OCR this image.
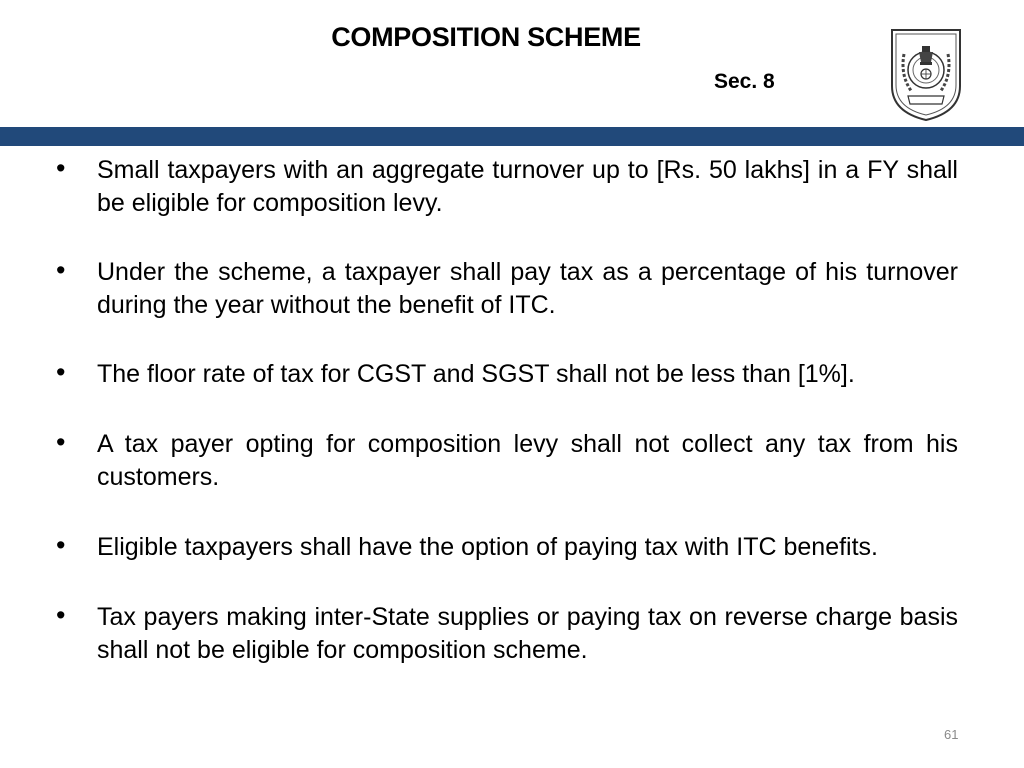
COMPOSITION SCHEME
Sec. 8
• Small taxpayers with an aggregate turnover up to [Rs. 50 lakhs] in a FY shall be eligible for composition levy.
• Under the scheme, a taxpayer shall pay tax as a percentage of his turnover during the year without the benefit of ITC.
• The floor rate of tax for CGST and SGST shall not be less than [1%].
• A tax payer opting for composition levy shall not collect any tax from his customers.
• Eligible taxpayers shall have the option of paying tax with ITC benefits.
• Tax payers making inter-State supplies or paying tax on reverse charge basis shall not be eligible for composition scheme.
61
